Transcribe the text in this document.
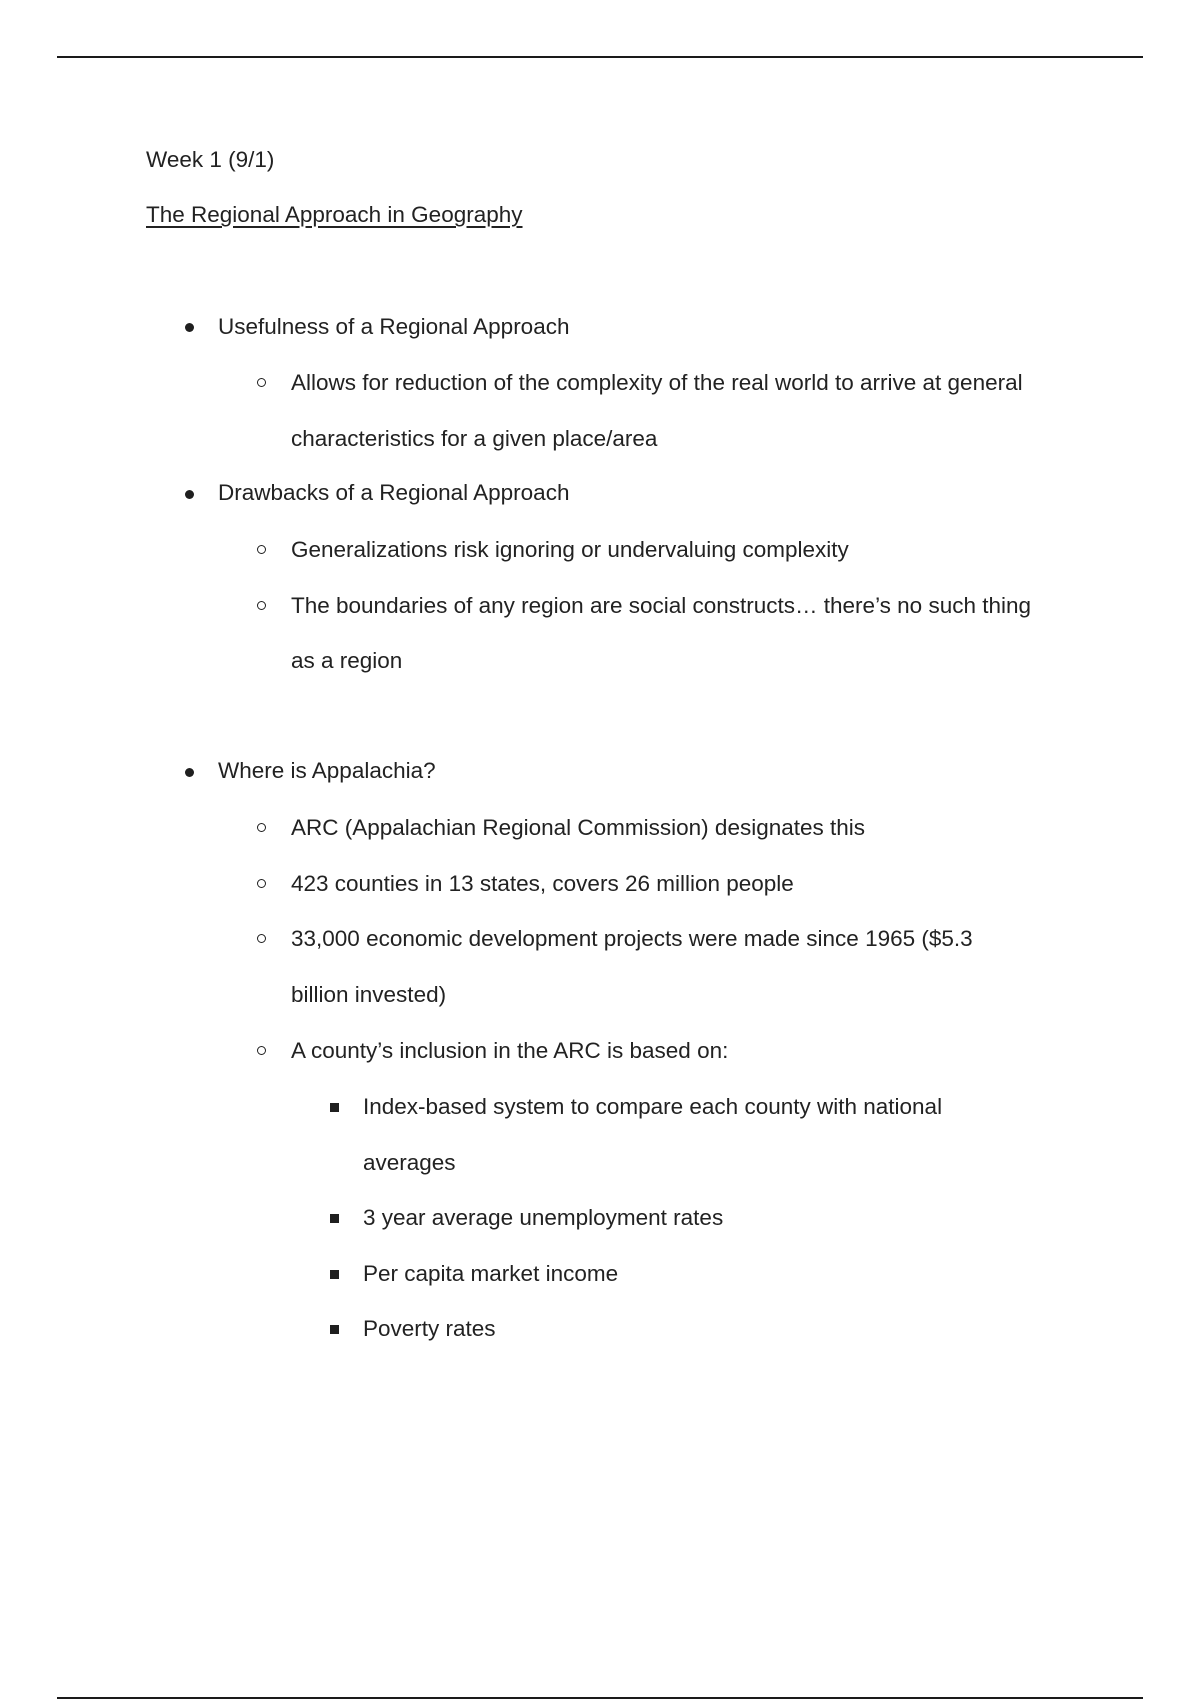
Week 1 (9/1)
The Regional Approach in Geography
Usefulness of a Regional Approach
Allows for reduction of the complexity of the real world to arrive at general
characteristics for a given place/area
Drawbacks of a Regional Approach
Generalizations risk ignoring or undervaluing complexity
The boundaries of any region are social constructs… there’s no such thing
as a region
Where is Appalachia?
ARC (Appalachian Regional Commission) designates this
423 counties in 13 states, covers 26 million people
33,000 economic development projects were made since 1965 ($5.3
billion invested)
A county’s inclusion in the ARC is based on:
Index-based system to compare each county with national
averages
3 year average unemployment rates
Per capita market income
Poverty rates
